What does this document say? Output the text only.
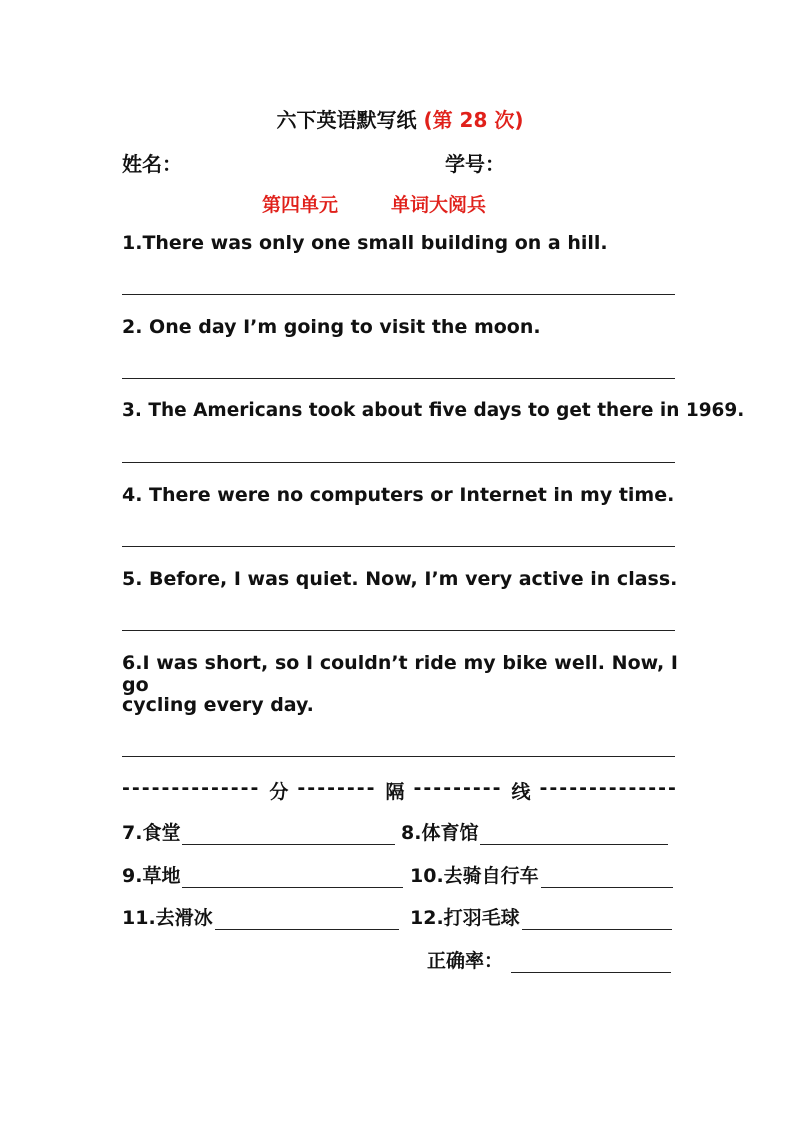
六下英语默写纸 (第 28 次)
姓名：	学号：
第四单元	单词大阅兵
1.There was only one small building on a hill.
2. One day I’m going to visit the moon.
3. The Americans took about five days to get there in 1969.
4. There were no computers or Internet in my time.
5. Before, I was quiet. Now, I’m very active in class.
6.I was short, so I couldn’t ride my bike well. Now, I go
cycling every day.
-------------- 分 -------- 隔 --------- 线 --------------
7.食堂	8.体育馆
9.草地	10.去骑自行车
11.去滑冰	12.打羽毛球
正确率：
